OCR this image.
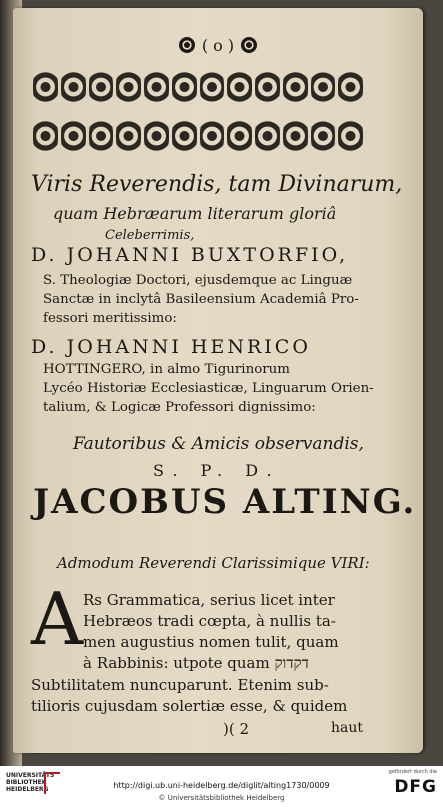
( o )
Viris Reverendis, tam Divinarum,
quam Hebræarum literarum gloriâ
Celeberrimis,
D. JOHANNI BUXTORFIO,
S. Theologiæ Doctori, ejusdemque ac Linguæ
Sanctæ in inclytâ Basileensium Academiâ Pro-
fessori meritissimo:
D. JOHANNI HENRICO
HOTTINGERO, in almo Tigurinorum
Lycéo Historiæ Ecclesiasticæ, Linguarum Orien-
talium, & Logicæ Professori dignissimo:
Fautoribus & Amicis observandis,
S. P. D.
JACOBUS ALTING.
Admodum Reverendi Clarissimique VIRI:
A Rs Grammatica, serius licet inter
Hebræos tradi cœpta, à nullis ta-
men augustius nomen tulit, quam
à Rabbinis: utpote quam דקדוק
Subtilitatem nuncuparunt. Etenim sub-
tilioris cujusdam solertiæ esse, & quidem
)( 2	haut
UNIVERSITÄTS BIBLIOTHEK HEIDELBERG	http://digi.ub.uni-heidelberg.de/diglit/alting1730/0009
© Universitätsbibliothek Heidelberg
gefördert durch die
DFG
